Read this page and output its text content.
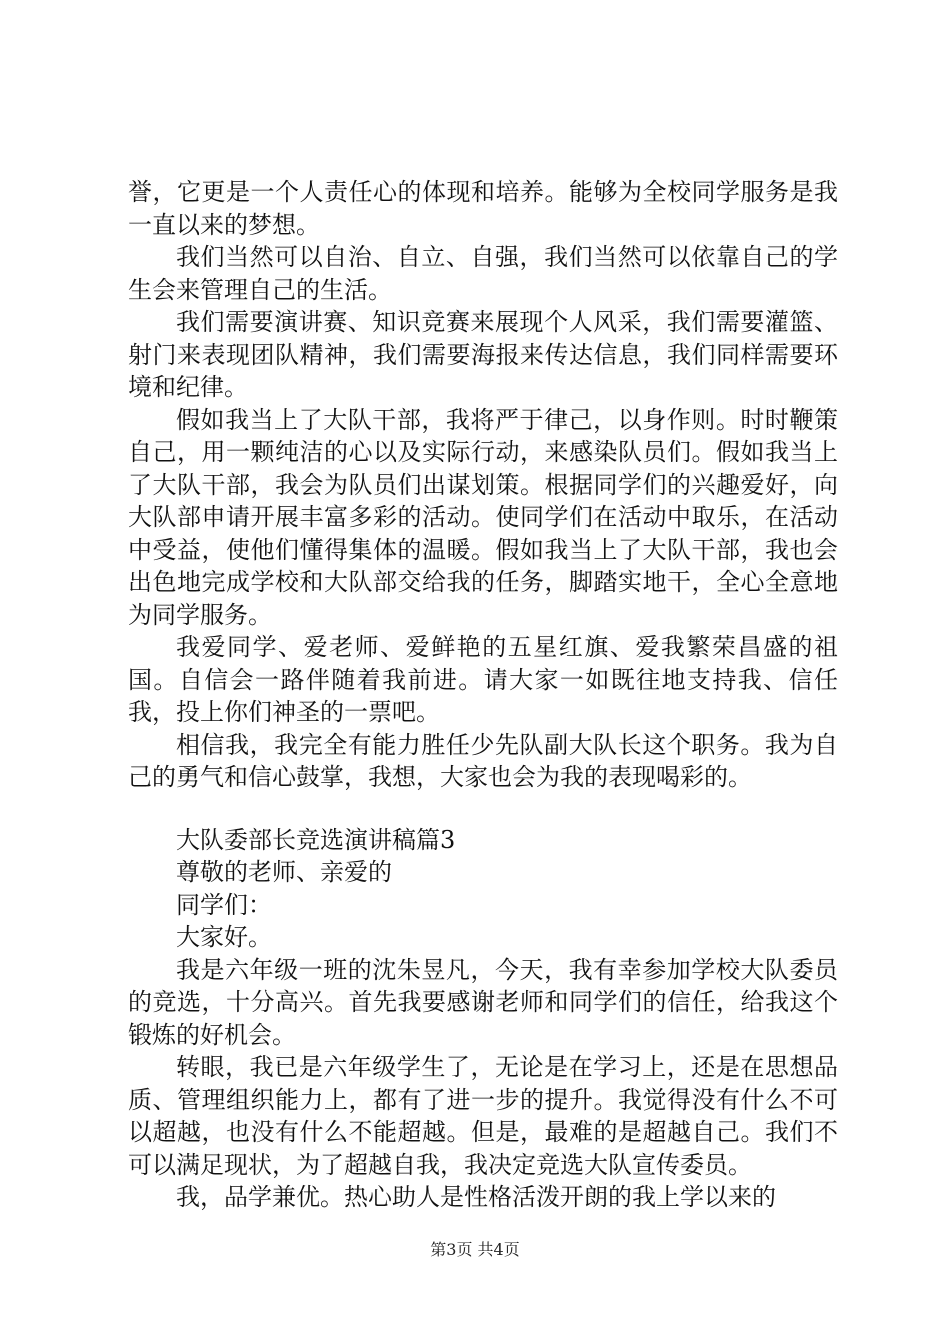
誉，它更是一个人责任心的体现和培养。能够为全校同学服务是我一直以来的梦想。

我们当然可以自治、自立、自强，我们当然可以依靠自己的学生会来管理自己的生活。

我们需要演讲赛、知识竞赛来展现个人风采，我们需要灌篮、射门来表现团队精神，我们需要海报来传达信息，我们同样需要环境和纪律。

假如我当上了大队干部，我将严于律己，以身作则。时时鞭策自己，用一颗纯洁的心以及实际行动，来感染队员们。假如我当上了大队干部，我会为队员们出谋划策。根据同学们的兴趣爱好，向大队部申请开展丰富多彩的活动。使同学们在活动中取乐，在活动中受益，使他们懂得集体的温暖。假如我当上了大队干部，我也会出色地完成学校和大队部交给我的任务，脚踏实地干，全心全意地为同学服务。

我爱同学、爱老师、爱鲜艳的五星红旗、爱我繁荣昌盛的祖国。自信会一路伴随着我前进。请大家一如既往地支持我、信任我，投上你们神圣的一票吧。

相信我，我完全有能力胜任少先队副大队长这个职务。我为自己的勇气和信心鼓掌，我想，大家也会为我的表现喝彩的。

大队委部长竞选演讲稿篇3

尊敬的老师、亲爱的

同学们：

大家好。

我是六年级一班的沈朱昱凡，今天，我有幸参加学校大队委员的竞选，十分高兴。首先我要感谢老师和同学们的信任，给我这个锻炼的好机会。

转眼，我已是六年级学生了，无论是在学习上，还是在思想品质、管理组织能力上，都有了进一步的提升。我觉得没有什么不可以超越，也没有什么不能超越。但是，最难的是超越自己。我们不可以满足现状，为了超越自我，我决定竞选大队宣传委员。

我，品学兼优。热心助人是性格活泼开朗的我上学以来的

第3页 共4页
